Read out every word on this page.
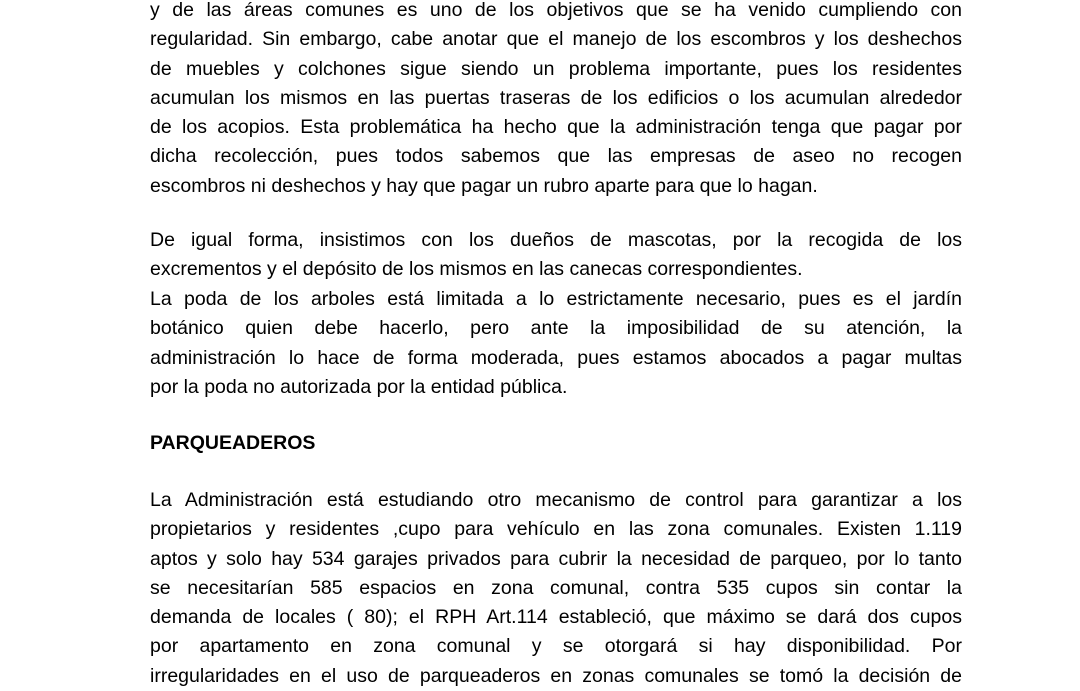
y de las áreas comunes es uno de los objetivos que se ha venido cumpliendo con
regularidad. Sin embargo, cabe anotar que el manejo de los escombros y los deshechos
de muebles y colchones sigue siendo un problema importante, pues los residentes
acumulan los mismos en las puertas traseras de los edificios o los acumulan alrededor
de los acopios. Esta problemática ha hecho que la administración tenga que pagar por
dicha recolección, pues todos sabemos que las empresas de aseo no recogen
escombros ni deshechos y hay que pagar un rubro aparte para que lo hagan.
De igual forma, insistimos con los dueños de mascotas, por la recogida de los
excrementos y el depósito de los mismos en las canecas correspondientes.
La poda de los arboles está limitada a lo estrictamente necesario, pues es el jardín
botánico quien debe hacerlo, pero ante la imposibilidad de su atención, la
administración lo hace de forma moderada, pues estamos abocados a pagar multas
por la poda no autorizada por la entidad pública.
PARQUEADEROS
La Administración está estudiando otro mecanismo de control para garantizar a los
propietarios y residentes ,cupo para vehículo en las zona comunales. Existen 1.119
aptos y solo hay 534 garajes privados para cubrir la necesidad de parqueo, por lo tanto
se necesitarían 585 espacios en zona comunal, contra 535 cupos sin contar la
demanda de locales ( 80); el RPH Art.114 estableció, que máximo se dará dos cupos
por apartamento en zona comunal y se otorgará si hay disponibilidad. Por
irregularidades en el uso de parqueaderos en zonas comunales se tomó la decisión de
